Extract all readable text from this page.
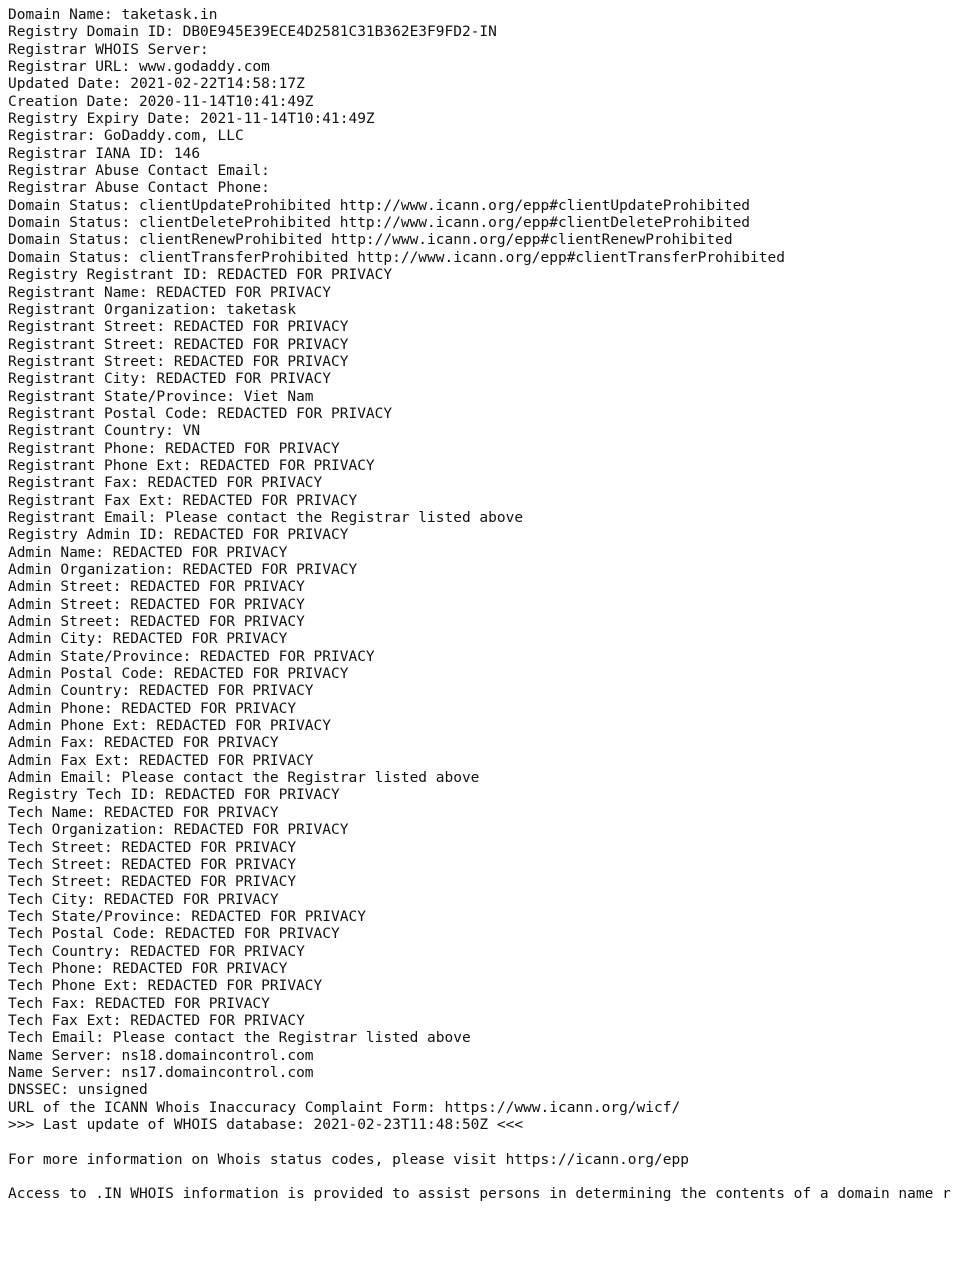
Domain Name: taketask.in
Registry Domain ID: DB0E945E39ECE4D2581C31B362E3F9FD2-IN
Registrar WHOIS Server:
Registrar URL: www.godaddy.com
Updated Date: 2021-02-22T14:58:17Z
Creation Date: 2020-11-14T10:41:49Z
Registry Expiry Date: 2021-11-14T10:41:49Z
Registrar: GoDaddy.com, LLC
Registrar IANA ID: 146
Registrar Abuse Contact Email:
Registrar Abuse Contact Phone:
Domain Status: clientUpdateProhibited http://www.icann.org/epp#clientUpdateProhibited
Domain Status: clientDeleteProhibited http://www.icann.org/epp#clientDeleteProhibited
Domain Status: clientRenewProhibited http://www.icann.org/epp#clientRenewProhibited
Domain Status: clientTransferProhibited http://www.icann.org/epp#clientTransferProhibited
Registry Registrant ID: REDACTED FOR PRIVACY
Registrant Name: REDACTED FOR PRIVACY
Registrant Organization: taketask
Registrant Street: REDACTED FOR PRIVACY
Registrant Street: REDACTED FOR PRIVACY
Registrant Street: REDACTED FOR PRIVACY
Registrant City: REDACTED FOR PRIVACY
Registrant State/Province: Viet Nam
Registrant Postal Code: REDACTED FOR PRIVACY
Registrant Country: VN
Registrant Phone: REDACTED FOR PRIVACY
Registrant Phone Ext: REDACTED FOR PRIVACY
Registrant Fax: REDACTED FOR PRIVACY
Registrant Fax Ext: REDACTED FOR PRIVACY
Registrant Email: Please contact the Registrar listed above
Registry Admin ID: REDACTED FOR PRIVACY
Admin Name: REDACTED FOR PRIVACY
Admin Organization: REDACTED FOR PRIVACY
Admin Street: REDACTED FOR PRIVACY
Admin Street: REDACTED FOR PRIVACY
Admin Street: REDACTED FOR PRIVACY
Admin City: REDACTED FOR PRIVACY
Admin State/Province: REDACTED FOR PRIVACY
Admin Postal Code: REDACTED FOR PRIVACY
Admin Country: REDACTED FOR PRIVACY
Admin Phone: REDACTED FOR PRIVACY
Admin Phone Ext: REDACTED FOR PRIVACY
Admin Fax: REDACTED FOR PRIVACY
Admin Fax Ext: REDACTED FOR PRIVACY
Admin Email: Please contact the Registrar listed above
Registry Tech ID: REDACTED FOR PRIVACY
Tech Name: REDACTED FOR PRIVACY
Tech Organization: REDACTED FOR PRIVACY
Tech Street: REDACTED FOR PRIVACY
Tech Street: REDACTED FOR PRIVACY
Tech Street: REDACTED FOR PRIVACY
Tech City: REDACTED FOR PRIVACY
Tech State/Province: REDACTED FOR PRIVACY
Tech Postal Code: REDACTED FOR PRIVACY
Tech Country: REDACTED FOR PRIVACY
Tech Phone: REDACTED FOR PRIVACY
Tech Phone Ext: REDACTED FOR PRIVACY
Tech Fax: REDACTED FOR PRIVACY
Tech Fax Ext: REDACTED FOR PRIVACY
Tech Email: Please contact the Registrar listed above
Name Server: ns18.domaincontrol.com
Name Server: ns17.domaincontrol.com
DNSSEC: unsigned
URL of the ICANN Whois Inaccuracy Complaint Form: https://www.icann.org/wicf/
>>> Last update of WHOIS database: 2021-02-23T11:48:50Z <<<
For more information on Whois status codes, please visit https://icann.org/epp
Access to .IN WHOIS information is provided to assist persons in determining the contents of a domain name r
